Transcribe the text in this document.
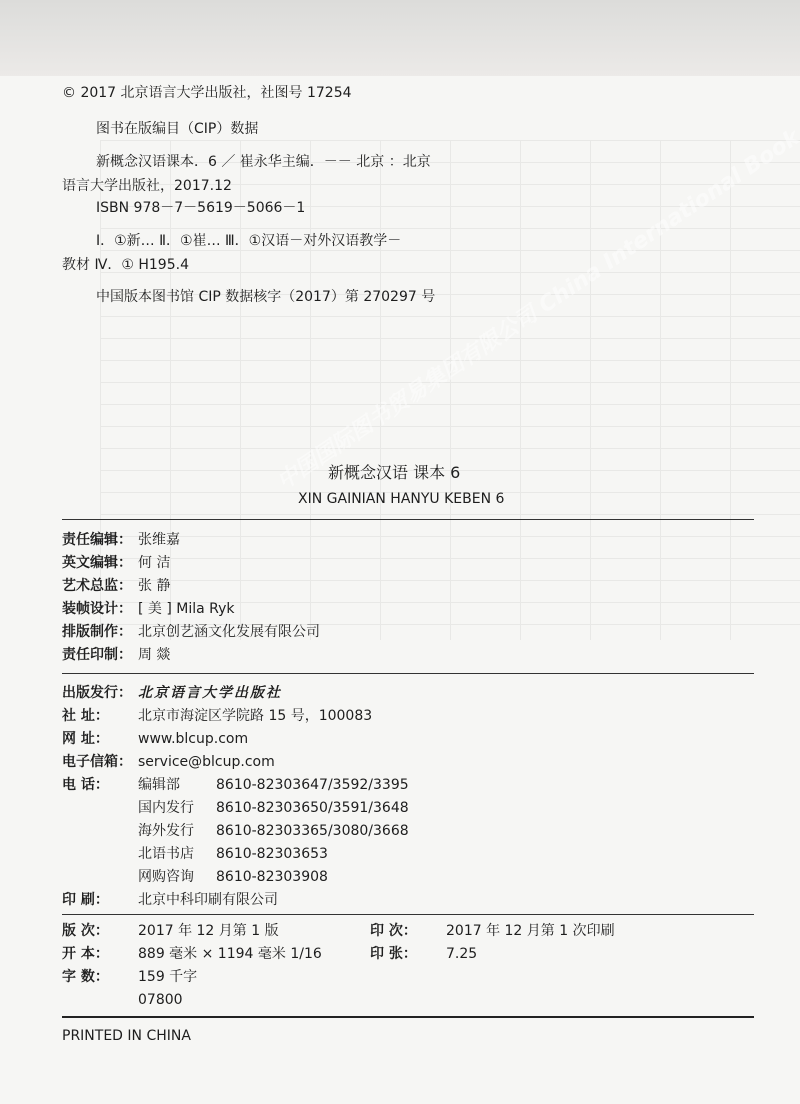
© 2017 北京语言大学出版社，社图号 17254
图书在版编目（CIP）数据
新概念汉语课本．6 ／ 崔永华主编．－－ 北京 ：北京
语言大学出版社，2017.12
ISBN 978－7－5619－5066－1
Ⅰ．①新… Ⅱ．①崔… Ⅲ．①汉语－对外汉语教学－
教材 Ⅳ．① H195.4
中国版本图书馆 CIP 数据核字（2017）第 270297 号
新概念汉语 课本 6
XIN GAINIAN HANYU KEBEN 6
责任编辑： 张维嘉
英文编辑： 何 洁
艺术总监： 张 静
装帧设计： [ 美 ] Mila Ryk
排版制作： 北京创艺涵文化发展有限公司
责任印制： 周 燚
出版发行： 北京语言大学出版社
社 址： 北京市海淀区学院路 15 号，100083
网 址： www.blcup.com
电子信箱： service@blcup.com
电 话： 编辑部	8610-82303647/3592/3395
国内发行 8610-82303650/3591/3648
海外发行 8610-82303365/3080/3668
北语书店 8610-82303653
网购咨询 8610-82303908
印 刷： 北京中科印刷有限公司
版 次： 2017 年 12 月第 1 版	印 次： 2017 年 12 月第 1 次印刷
开 本： 889 毫米 × 1194 毫米 1/16	印 张： 7.25
字 数： 159 千字
07800
PRINTED IN CHINA
